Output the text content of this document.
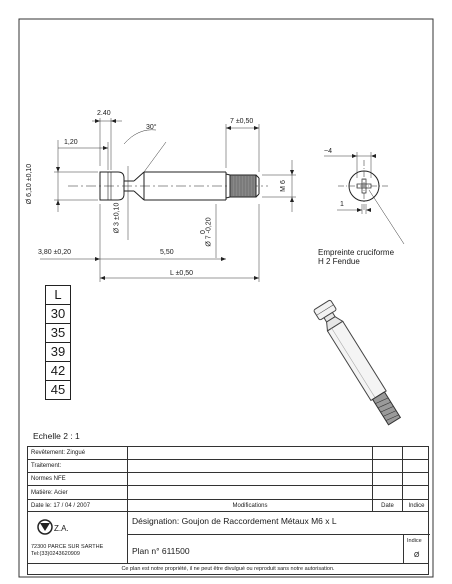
2.40
1,20
30°
7 ±0,50
Ø 6,10 ±0,10
Ø 3 ±0,10	0
Ø 7 -0,20
M 6
3,80 ±0,20	5,50
L ±0,50
~4
1
Empreinte cruciforme
H 2 Fendue
L
30
35
39
42
45
Echelle 2 : 1
Revêtement: Zingué
Traitement:
Normes NFE
Matière: Acier
Date le: 17 / 04 / 2007	Modifications	Date	Indice
Z.A.
72300 PARCE SUR SARTHE
Tel:(33)0243620909
Désignation: Goujon de Raccordement Métaux M6 x L
Plan n° 611500
Indice
Ø
Ce plan est notre propriété, il ne peut être divulgué ou reproduit sans notre autorisation.
